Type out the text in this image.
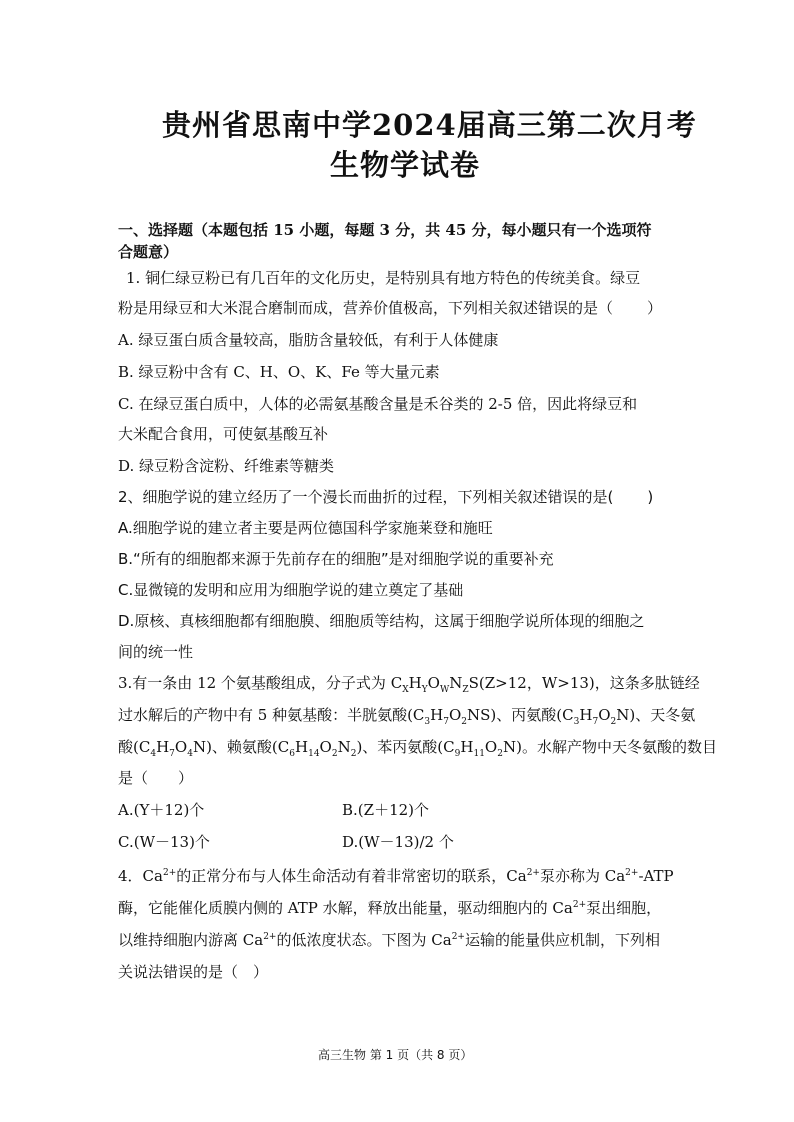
贵州省思南中学2024届高三第二次月考
生物学试卷
一、选择题（本题包括 15 小题，每题 3 分，共 45 分，每小题只有一个选项符
合题意）
1. 铜仁绿豆粉已有几百年的文化历史，是特别具有地方特色的传统美食。绿豆
粉是用绿豆和大米混合磨制而成，营养价值极高，下列相关叙述错误的是（ ）
A. 绿豆蛋白质含量较高，脂肪含量较低，有利于人体健康
B. 绿豆粉中含有 C、H、O、K、Fe 等大量元素
C. 在绿豆蛋白质中，人体的必需氨基酸含量是禾谷类的 2-5 倍，因此将绿豆和
大米配合食用，可使氨基酸互补
D. 绿豆粉含淀粉、纤维素等糖类
2、细胞学说的建立经历了一个漫长而曲折的过程，下列相关叙述错误的是( )
A.细胞学说的建立者主要是两位德国科学家施莱登和施旺
B.“所有的细胞都来源于先前存在的细胞”是对细胞学说的重要补充
C.显微镜的发明和应用为细胞学说的建立奠定了基础
D.原核、真核细胞都有细胞膜、细胞质等结构，这属于细胞学说所体现的细胞之
间的统一性
3.有一条由 12 个氨基酸组成，分子式为 $C_XH_YO_WN_ZS(Z>12$，W>13)，这条多肽链经
过水解后的产物中有 5 种氨基酸：半胱氨酸$(C_3H_7O_2NS)$、丙氨酸$(C_3H_7O_2N)$、天冬氨
酸$(C_4H_7O_4N)$、赖氨酸$(C_6H_{14}O_2N_2)$、苯丙氨酸$(C_9H_{11}O_2N)$。水解产物中天冬氨酸的数目
是（　　）
A.(Y＋12)个	B.(Z＋12)个
C.(W－13)个	D.(W－13)/2 个
4．$Ca^{2+}$的正常分布与人体生命活动有着非常密切的联系，$Ca^{2+}$泵亦称为 $Ca^{2+}$-ATP
酶，它能催化质膜内侧的 ATP 水解，释放出能量，驱动细胞内的 $Ca^{2+}$泵出细胞，
以维持细胞内游离 $Ca^{2+}$的低浓度状态。下图为 $Ca^{2+}$运输的能量供应机制，下列相
关说法错误的是（　）
高三生物 第 1 页（共 8 页）
